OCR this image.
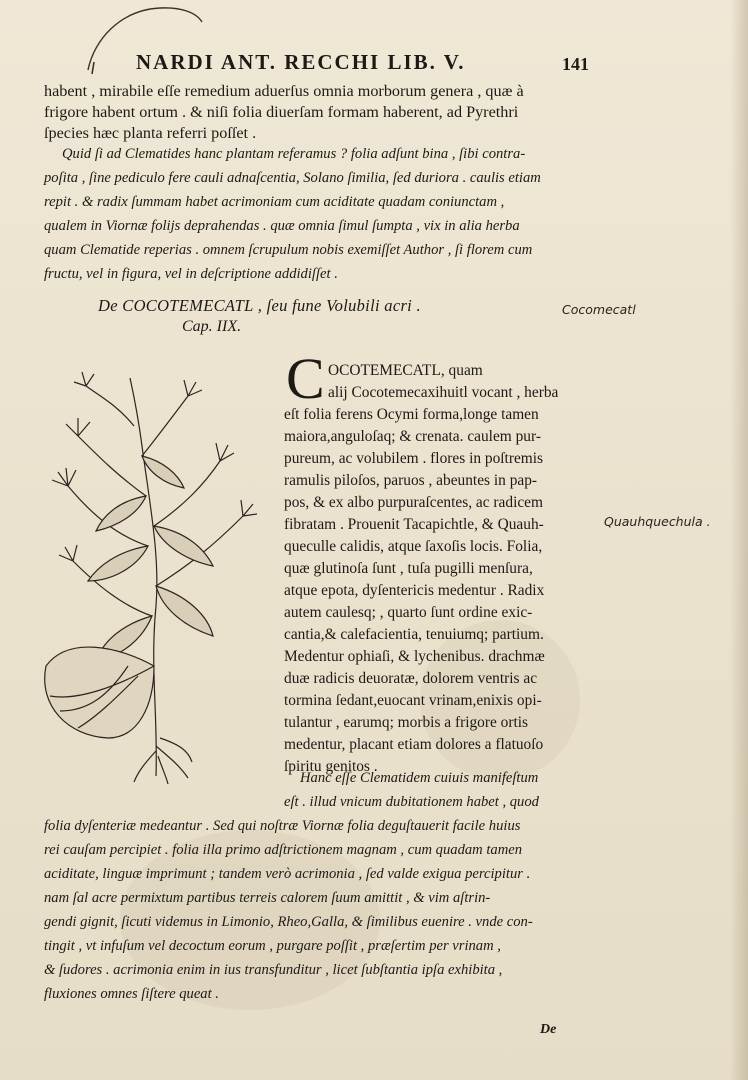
NARDI ANT. RECCHI LIB. V.	141
habent , mirabile eſſe remedium aduerſus omnia morborum genera , quæ à
frigore habent ortum . & niſi folia diuerſam formam haberent, ad Pyrethri
ſpecies hæc planta referri poſſet .
Quid ſi ad Clematides hanc plantam referamus ? folia adſunt bina , ſibi contra-
poſita , ſine pediculo fere cauli adnaſcentia, Solano ſimilia, ſed duriora . caulis etiam
repit . & radix ſummam habet acrimoniam cum aciditate quadam coniunctam ,
qualem in Viornæ folijs deprahendas . quæ omnia ſimul ſumpta , vix in alia herba
quam Clematide reperias . omnem ſcrupulum nobis exemiſſet Author , ſi florem cum
fructu, vel in figura, vel in deſcriptione addidiſſet .
De COCOTEMECATL , ſeu fune Volubili acri .
Cap. IIX.
Cocomecatl
Quauhquechula .
C OCOTEMECATL, quam
alij Cocotemecaxihuitl vocant , herba
eſt folia ferens Ocymi forma,longe tamen
maiora,anguloſaq; & crenata. caulem pur-
pureum, ac volubilem . flores in poſtremis
ramulis piloſos, paruos , abeuntes in pap-
pos, & ex albo purpuraſcentes, ac radicem
fibratam . Prouenit Tacapichtle, & Quauh-
queculle calidis, atque ſaxoſis locis. Folia,
quæ glutinoſa ſunt , tuſa pugilli menſura,
atque epota, dyſentericis medentur . Radix
autem caulesq; , quarto ſunt ordine exic-
cantia,& calefacientia, tenuiumq; partium.
Medentur ophiaſi, & lychenibus. drachmæ
duæ radicis deuoratæ, dolorem ventris ac
tormina ſedant,euocant vrinam,enixis opi-
tulantur , earumq; morbis a frigore ortis
medentur, placant etiam dolores a flatuoſo
ſpiritu genitos .
Hanc eſſe Clematidem cuiuis manifeſtum
eſt . illud vnicum dubitationem habet , quod
folia dyſenteriæ medeantur . Sed qui noſtræ Viornæ folia deguſtauerit facile huius
rei cauſam percipiet . folia illa primo adſtrictionem magnam , cum quadam tamen
aciditate, linguæ imprimunt ; tandem verò acrimonia , ſed valde exigua percipitur .
nam ſal acre permixtum partibus terreis calorem ſuum amittit , & vim aſtrin-
gendi gignit, ſicuti videmus in Limonio, Rheo,Galla, & ſimilibus euenire . vnde con-
tingit , vt infuſum vel decoctum eorum , purgare poſſit , præſertim per vrinam ,
& ſudores . acrimonia enim in ius transfunditur , licet ſubſtantia ipſa exhibita ,
fluxiones omnes ſiſtere queat .
De
